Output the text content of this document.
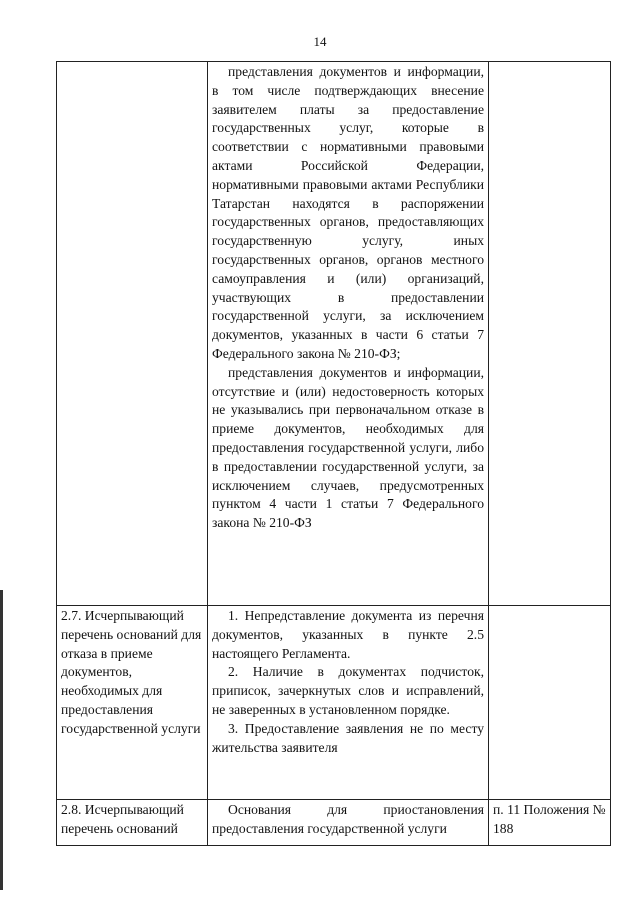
14

	представления документов и информации, в том числе подтверждающих внесение заявителем платы за предоставление государственных услуг, которые в соответствии с нормативными правовыми актами Российской Федерации, нормативными правовыми актами Республики Татарстан находятся в распоряжении государственных органов, предоставляющих государственную услугу, иных государственных органов, органов местного самоуправления и (или) организаций, участвующих в предоставлении государственной услуги, за исключением документов, указанных в части 6 статьи 7 Федерального закона № 210-ФЗ;

представления документов и информации, отсутствие и (или) недостоверность которых не указывались при первоначальном отказе в приеме документов, необходимых для предоставления государственной услуги, либо в предоставлении государственной услуги, за исключением случаев, предусмотренных пунктом 4 части 1 статьи 7 Федерального закона № 210-ФЗ	

2.7. Исчерпывающий перечень оснований для отказа в приеме документов, необходимых для предоставления государственной услуги	1. Непредставление документа из перечня документов, указанных в пункте 2.5 настоящего Регламента.

2. Наличие в документах подчисток, приписок, зачеркнутых слов и исправлений, не заверенных в установленном порядке.

3. Предоставление заявления не по месту жительства заявителя	

2.8. Исчерпывающий перечень оснований	Основания для приостановления предоставления государственной услуги	п. 11 Положения № 188
